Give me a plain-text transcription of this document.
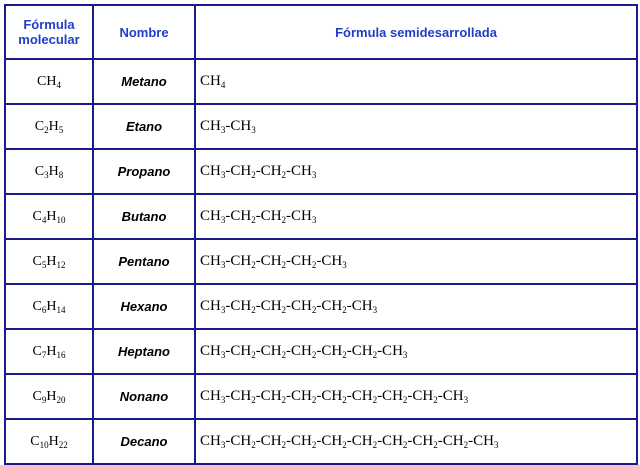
Fórmula molecular	Nombre	Fórmula semidesarrollada
$CH_4$	Metano	$CH_4$
$C_2H_5$	Etano	$CH_3-CH_3$
$C_3H_8$	Propano	$CH_3-CH_2-CH_2-CH_3$
$C_4H_{10}$	Butano	$CH_3-CH_2-CH_2-CH_3$
$C_5H_{12}$	Pentano	$CH_3-CH_2-CH_2-CH_2-CH_3$
$C_6H_{14}$	Hexano	$CH_3-CH_2-CH_2-CH_2-CH_2-CH_3$
$C_7H_{16}$	Heptano	$CH_3-CH_2-CH_2-CH_2-CH_2-CH_2-CH_3$
$C_9H_{20}$	Nonano	$CH_3-CH_2-CH_2-CH_2-CH_2-CH_2-CH_2-CH_2-CH_3$
$C_{10}H_{22}$	Decano	$CH_3-CH_2-CH_2-CH_2-CH_2-CH_2-CH_2-CH_2-CH_2-CH_3$
